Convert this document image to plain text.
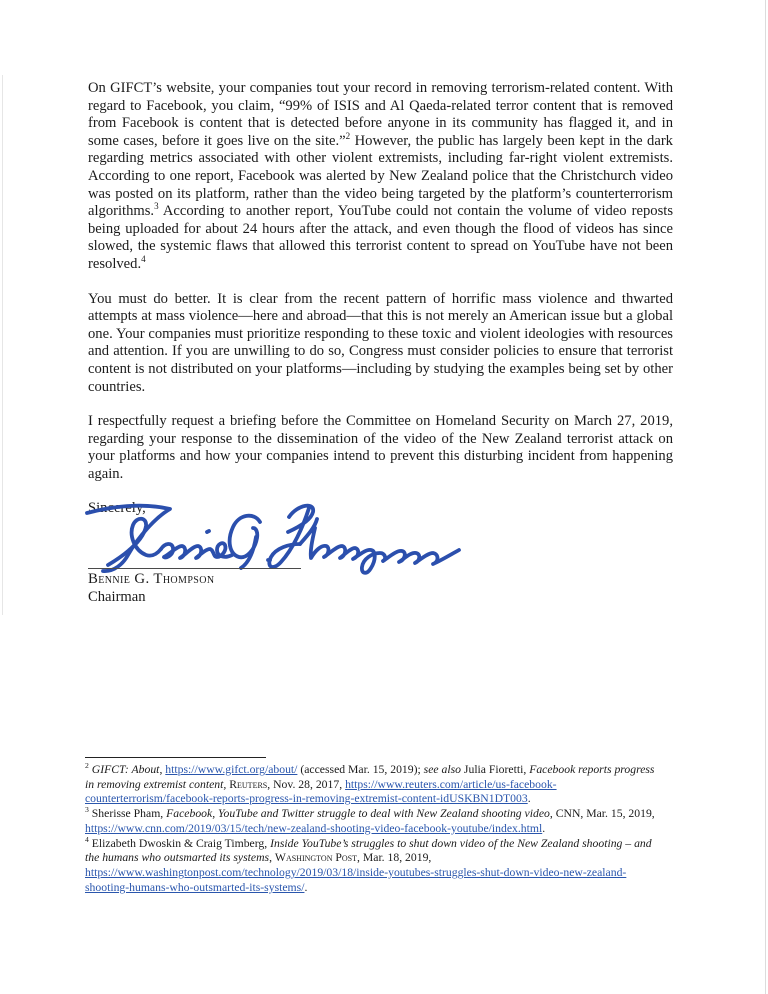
On GIFCT’s website, your companies tout your record in removing terrorism-related content. With regard to Facebook, you claim, “99% of ISIS and Al Qaeda-related terror content that is removed from Facebook is content that is detected before anyone in its community has flagged it, and in some cases, before it goes live on the site.”$^2$ However, the public has largely been kept in the dark regarding metrics associated with other violent extremists, including far-right violent extremists. According to one report, Facebook was alerted by New Zealand police that the Christchurch video was posted on its platform, rather than the video being targeted by the platform’s counterterrorism algorithms.$^3$ According to another report, YouTube could not contain the volume of video reposts being uploaded for about 24 hours after the attack, and even though the flood of videos has since slowed, the systemic flaws that allowed this terrorist content to spread on YouTube have not been resolved.$^4$

You must do better. It is clear from the recent pattern of horrific mass violence and thwarted attempts at mass violence—here and abroad—that this is not merely an American issue but a global one. Your companies must prioritize responding to these toxic and violent ideologies with resources and attention. If you are unwilling to do so, Congress must consider policies to ensure that terrorist content is not distributed on your platforms—including by studying the examples being set by other countries.

I respectfully request a briefing before the Committee on Homeland Security on March 27, 2019, regarding your response to the dissemination of the video of the New Zealand terrorist attack on your platforms and how your companies intend to prevent this disturbing incident from happening again.

Sincerely,
Bennie G. Thompson
Chairman
$^2$ GIFCT: About, https://www.gifct.org/about/ (accessed Mar. 15, 2019); see also Julia Fioretti, Facebook reports progress in removing extremist content, Reuters, Nov. 28, 2017, https://www.reuters.com/article/us-facebook-counterterrorism/facebook-reports-progress-in-removing-extremist-content-idUSKBN1DT003.
$^3$ Sherisse Pham, Facebook, YouTube and Twitter struggle to deal with New Zealand shooting video, CNN, Mar. 15, 2019, https://www.cnn.com/2019/03/15/tech/new-zealand-shooting-video-facebook-youtube/index.html.
$^4$ Elizabeth Dwoskin & Craig Timberg, Inside YouTube’s struggles to shut down video of the New Zealand shooting – and the humans who outsmarted its systems, Washington Post, Mar. 18, 2019, https://www.washingtonpost.com/technology/2019/03/18/inside-youtubes-struggles-shut-down-video-new-zealand-shooting-humans-who-outsmarted-its-systems/.
